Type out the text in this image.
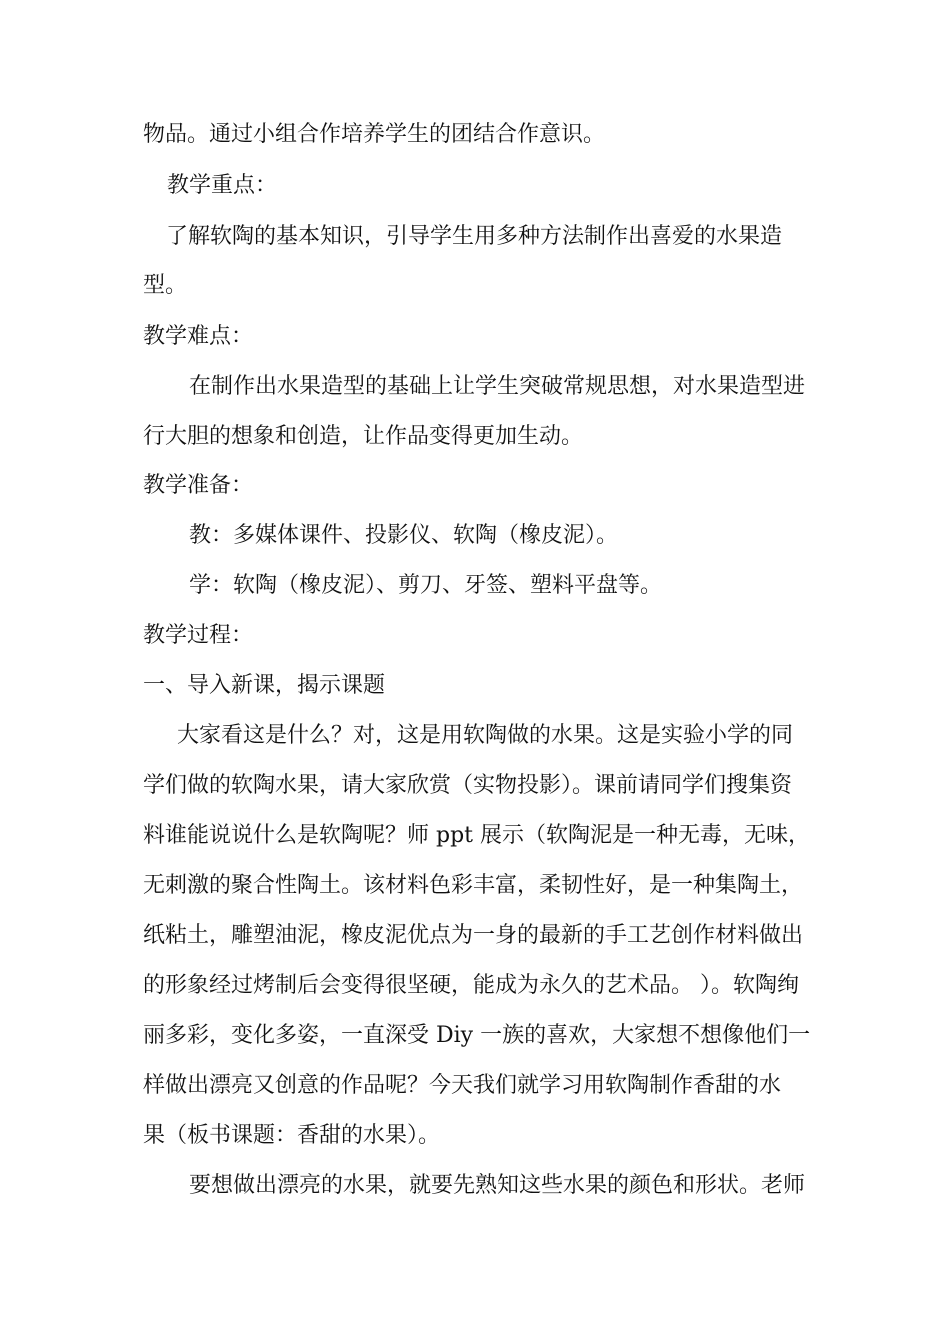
物品。通过小组合作培养学生的团结合作意识。
教学重点：
了解软陶的基本知识，引导学生用多种方法制作出喜爱的水果造
型。
教学难点：
在制作出水果造型的基础上让学生突破常规思想，对水果造型进
行大胆的想象和创造，让作品变得更加生动。
教学准备：
教：多媒体课件、投影仪、软陶（橡皮泥）。
学：软陶（橡皮泥）、剪刀、牙签、塑料平盘等。
教学过程：
一、导入新课，揭示课题
大家看这是什么？对，这是用软陶做的水果。这是实验小学的同
学们做的软陶水果，请大家欣赏（实物投影）。课前请同学们搜集资
料谁能说说什么是软陶呢？师 ppt 展示（软陶泥是一种无毒，无味，
无刺激的聚合性陶土。该材料色彩丰富，柔韧性好，是一种集陶土，
纸粘土，雕塑油泥，橡皮泥优点为一身的最新的手工艺创作材料做出
的形象经过烤制后会变得很坚硬，能成为永久的艺术品。 ）。软陶绚
丽多彩，变化多姿，一直深受 Diy 一族的喜欢，大家想不想像他们一
样做出漂亮又创意的作品呢？今天我们就学习用软陶制作香甜的水
果（板书课题：香甜的水果）。
要想做出漂亮的水果，就要先熟知这些水果的颜色和形状。老师
